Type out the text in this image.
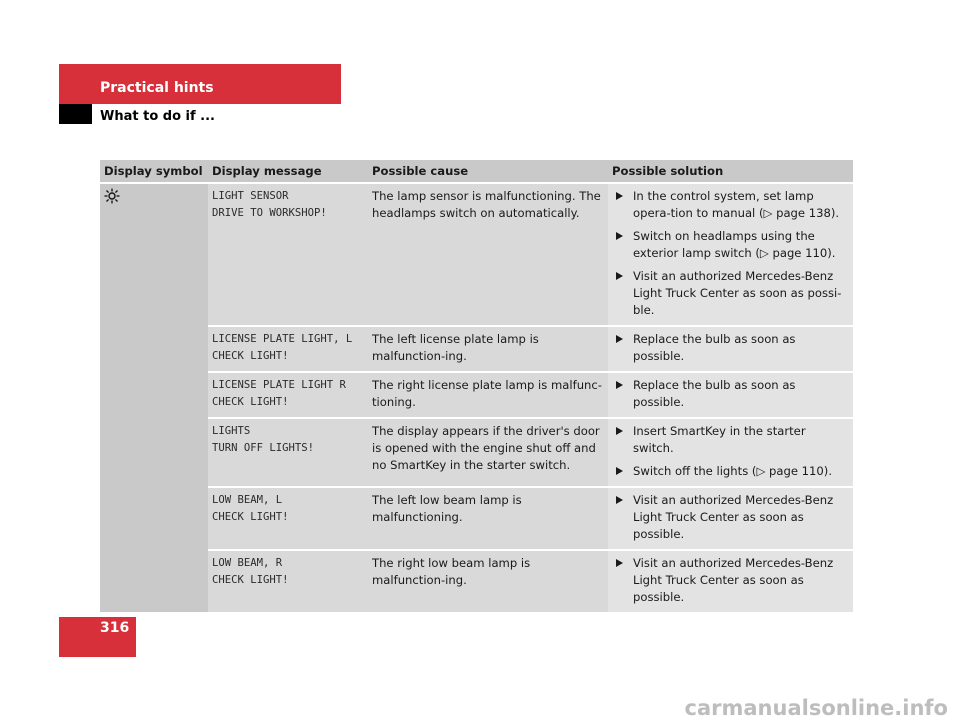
Practical hints
What to do if ...
Display symbol Display message	Possible cause	Possible solution
LIGHT SENSOR
DRIVE TO WORKSHOP!
The lamp sensor is malfunctioning. The headlamps switch on automatically.
In the control system, set lamp opera-tion to manual (▷ page 138).
Switch on headlamps using the exterior lamp switch (▷ page 110).
Visit an authorized Mercedes-Benz Light Truck Center as soon as possi-ble.
LICENSE PLATE LIGHT, L
CHECK LIGHT!
The left license plate lamp is malfunction-ing.
Replace the bulb as soon as possible.
LICENSE PLATE LIGHT R
CHECK LIGHT!
The right license plate lamp is malfunc-tioning.
Replace the bulb as soon as possible.
LIGHTS
TURN OFF LIGHTS!
The display appears if the driver's door is opened with the engine shut off and no SmartKey in the starter switch.
Insert SmartKey in the starter switch.
Switch off the lights (▷ page 110).
LOW BEAM, L
CHECK LIGHT!
The left low beam lamp is malfunctioning.
Visit an authorized Mercedes-Benz Light Truck Center as soon as possible.
LOW BEAM, R
CHECK LIGHT!
The right low beam lamp is malfunction-ing.
Visit an authorized Mercedes-Benz Light Truck Center as soon as possible.
316
carmanualsonline.info
